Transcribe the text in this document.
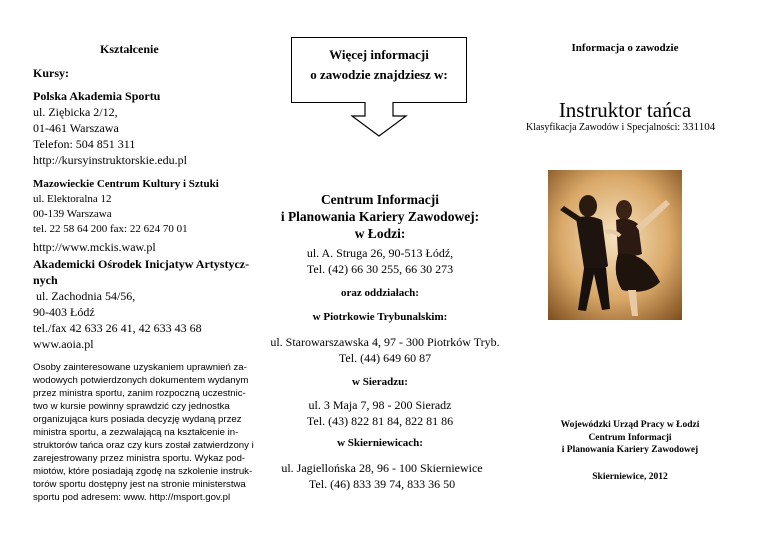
Kształcenie
Kursy:
Polska Akademia Sportu
ul. Ziębicka 2/12,
01-461 Warszawa
Telefon: 504 851 311
http://kursyinstruktorskie.edu.pl
Mazowieckie Centrum Kultury i Sztuki
ul. Elektoralna 12
00-139 Warszawa
tel. 22 58 64 200 fax: 22 624 70 01
http://www.mckis.waw.pl
Akademicki Ośrodek Inicjatyw Artystycz-
nych
ul. Zachodnia 54/56,
90-403 Łódź
tel./fax 42 633 26 41, 42 633 43 68
www.aoia.pl
Osoby zainteresowane uzyskaniem uprawnień za-
wodowych potwierdzonych dokumentem wydanym
przez ministra sportu, zanim rozpoczną uczestnic-
two w kursie powinny sprawdzić czy jednostka
organizująca kurs posiada decyzję wydaną przez
ministra sportu, a zezwalającą na kształcenie in-
struktorów tańca oraz czy kurs został zatwierdzony i
zarejestrowany przez ministra sportu. Wykaz pod-
miotów, które posiadają zgodę na szkolenie instruk-
torów sportu dostępny jest na stronie ministerstwa
sportu pod adresem: www. http://msport.gov.pl
Więcej informacji
o zawodzie znajdziesz w:
Centrum Informacji
i Planowania Kariery Zawodowej:
w Łodzi:
ul. A. Struga 26, 90-513 Łódź,
Tel. (42) 66 30 255, 66 30 273
oraz oddziałach:
w Piotrkowie Trybunalskim:
ul. Starowarszawska 4, 97 - 300 Piotrków Tryb.
Tel. (44) 649 60 87
w Sieradzu:
ul. 3 Maja 7, 98 - 200 Sieradz
Tel. (43) 822 81 84, 822 81 86
w Skierniewicach:
ul. Jagiellońska 28, 96 - 100 Skierniewice
Tel. (46) 833 39 74, 833 36 50
Informacja o zawodzie
Instruktor tańca
Klasyfikacja Zawodów i Specjalności: 331104
Wojewódzki Urząd Pracy w Łodzi
Centrum Informacji
i Planowania Kariery Zawodowej
Skierniewice, 2012
